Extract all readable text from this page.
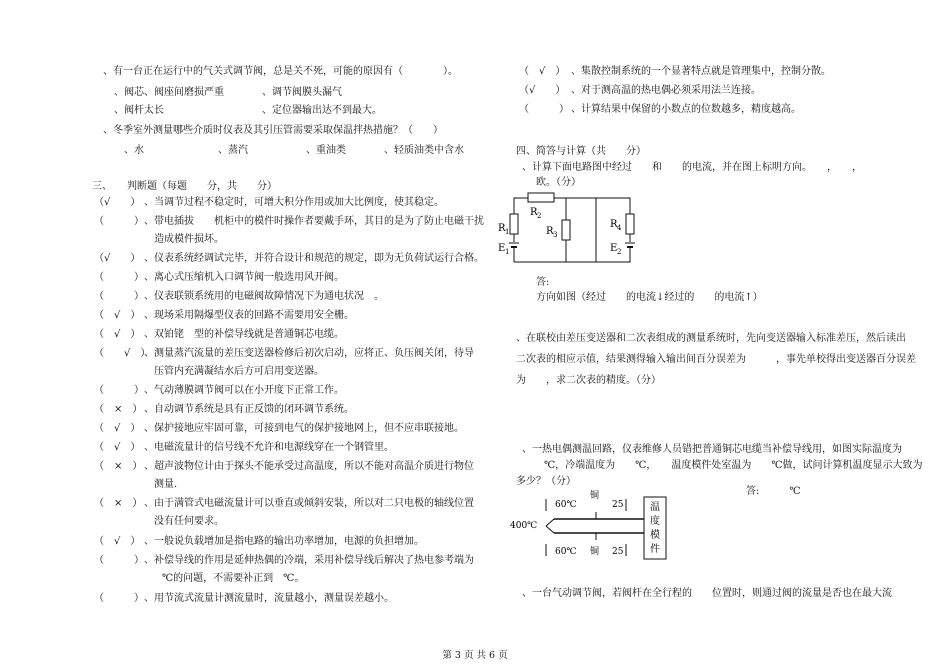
、有一台正在运行中的气关式调节阀，总是关不死，可能的原因有（　　　　）。
、阀芯、阀座间磨损严重	、调节阀膜头漏气
、阀杆太长	、定位器输出达不到最大。
、冬季室外测量哪些介质时仪表及其引压管需要采取保温拌热措施？（　　）
、水	、蒸汽	、重油类	、轻质油类中含水
三、　　判断题（每题　　分，共　　分）
（√　　） 、当调节过程不稳定时，可增大积分作用或加大比例度，使其稳定。
（　　　） 、带电插拔　　机柜中的模件时操作者要戴手环，其目的是为了防止电磁干扰
造成模件损坏。
（√　　） 、仪表系统经调试完毕，并符合设计和规范的规定，即为无负荷试运行合格。
（　　　） 、离心式压缩机入口调节阀一般选用风开阀。
（　　　） 、仪表联锁系统用的电磁阀故障情况下为通电状况　。
（　√　） 、现场采用隔爆型仪表的回路不需要用安全栅。
（　√　） 、双铂铑　型的补偿导线就是普通铜芯电缆。
（　　√　）
、测量蒸汽流量的差压变送器检修后初次启动，应将正、负压阀关闭，待导
压管内充满凝结水后方可启用变送器。
（　　　） 、气动薄膜调节阀可以在小开度下正常工作。
（　×　） 、自动调节系统是具有正反馈的闭环调节系统。
（　√　） 、保护接地应牢固可靠，可接到电气的保护接地网上，但不应串联接地。
（　√　） 、电磁流量计的信号线不允许和电源线穿在一个钢管里。
（　×　） 、超声波物位计由于探头不能承受过高温度，所以不能对高温介质进行物位
测量.
（　×　） 、由于满管式电磁流量计可以垂直或倾斜安装，所以对二只电极的轴线位置
没有任何要求。
（　√　） 、一般说负载增加是指电路的输出功率增加，电源的负担增加。
（　　　） 、补偿导线的作用是延伸热偶的冷端，采用补偿导线后解决了热电参考端为
℃的问题，不需要补正到　℃。
（　　　） 、用节流式流量计测流量时，流量越小，测量误差越小。
（　√　） 、集散控制系统的一个显著特点就是管理集中，控制分散。
（√　　） 、对于测高温的热电偶必须采用法兰连接。
（　　　） 、计算结果中保留的小数点的位数越多，精度越高。
四、简答与计算（共　　分）
、计算下面电路图中经过　　和　　的电流，并在图上标明方向。　　，　　，
欧。（分）
R 2
R 1	R 3
R 4
E 1	E 2
答:
方向如图（经过　　的电流↓经过的　　的电流↑）
、在联校由差压变送器和二次表组成的测量系统时，先向变送器输入标准差压，然后读出
二次表的相应示值，结果测得输入输出间百分误差为　　　，事先单校得出变送器百分误差
为　　，求二次表的精度。（分）
、一热电偶测温回路，仪表维修人员错把普通铜芯电缆当补偿导线用，如图实际温度为
℃，冷端温度为　　℃，　　温度模件处室温为　　℃做，试问计算机温度显示大致为
多少？（分）
答:　　　℃
60℃
铜
25
400℃
60℃ 铜 25
温
度
模
件
、一台气动调节阀，若阀杆在全行程的　　位置时，则通过阀的流量是否也在最大流
第 3 页 共 6 页
